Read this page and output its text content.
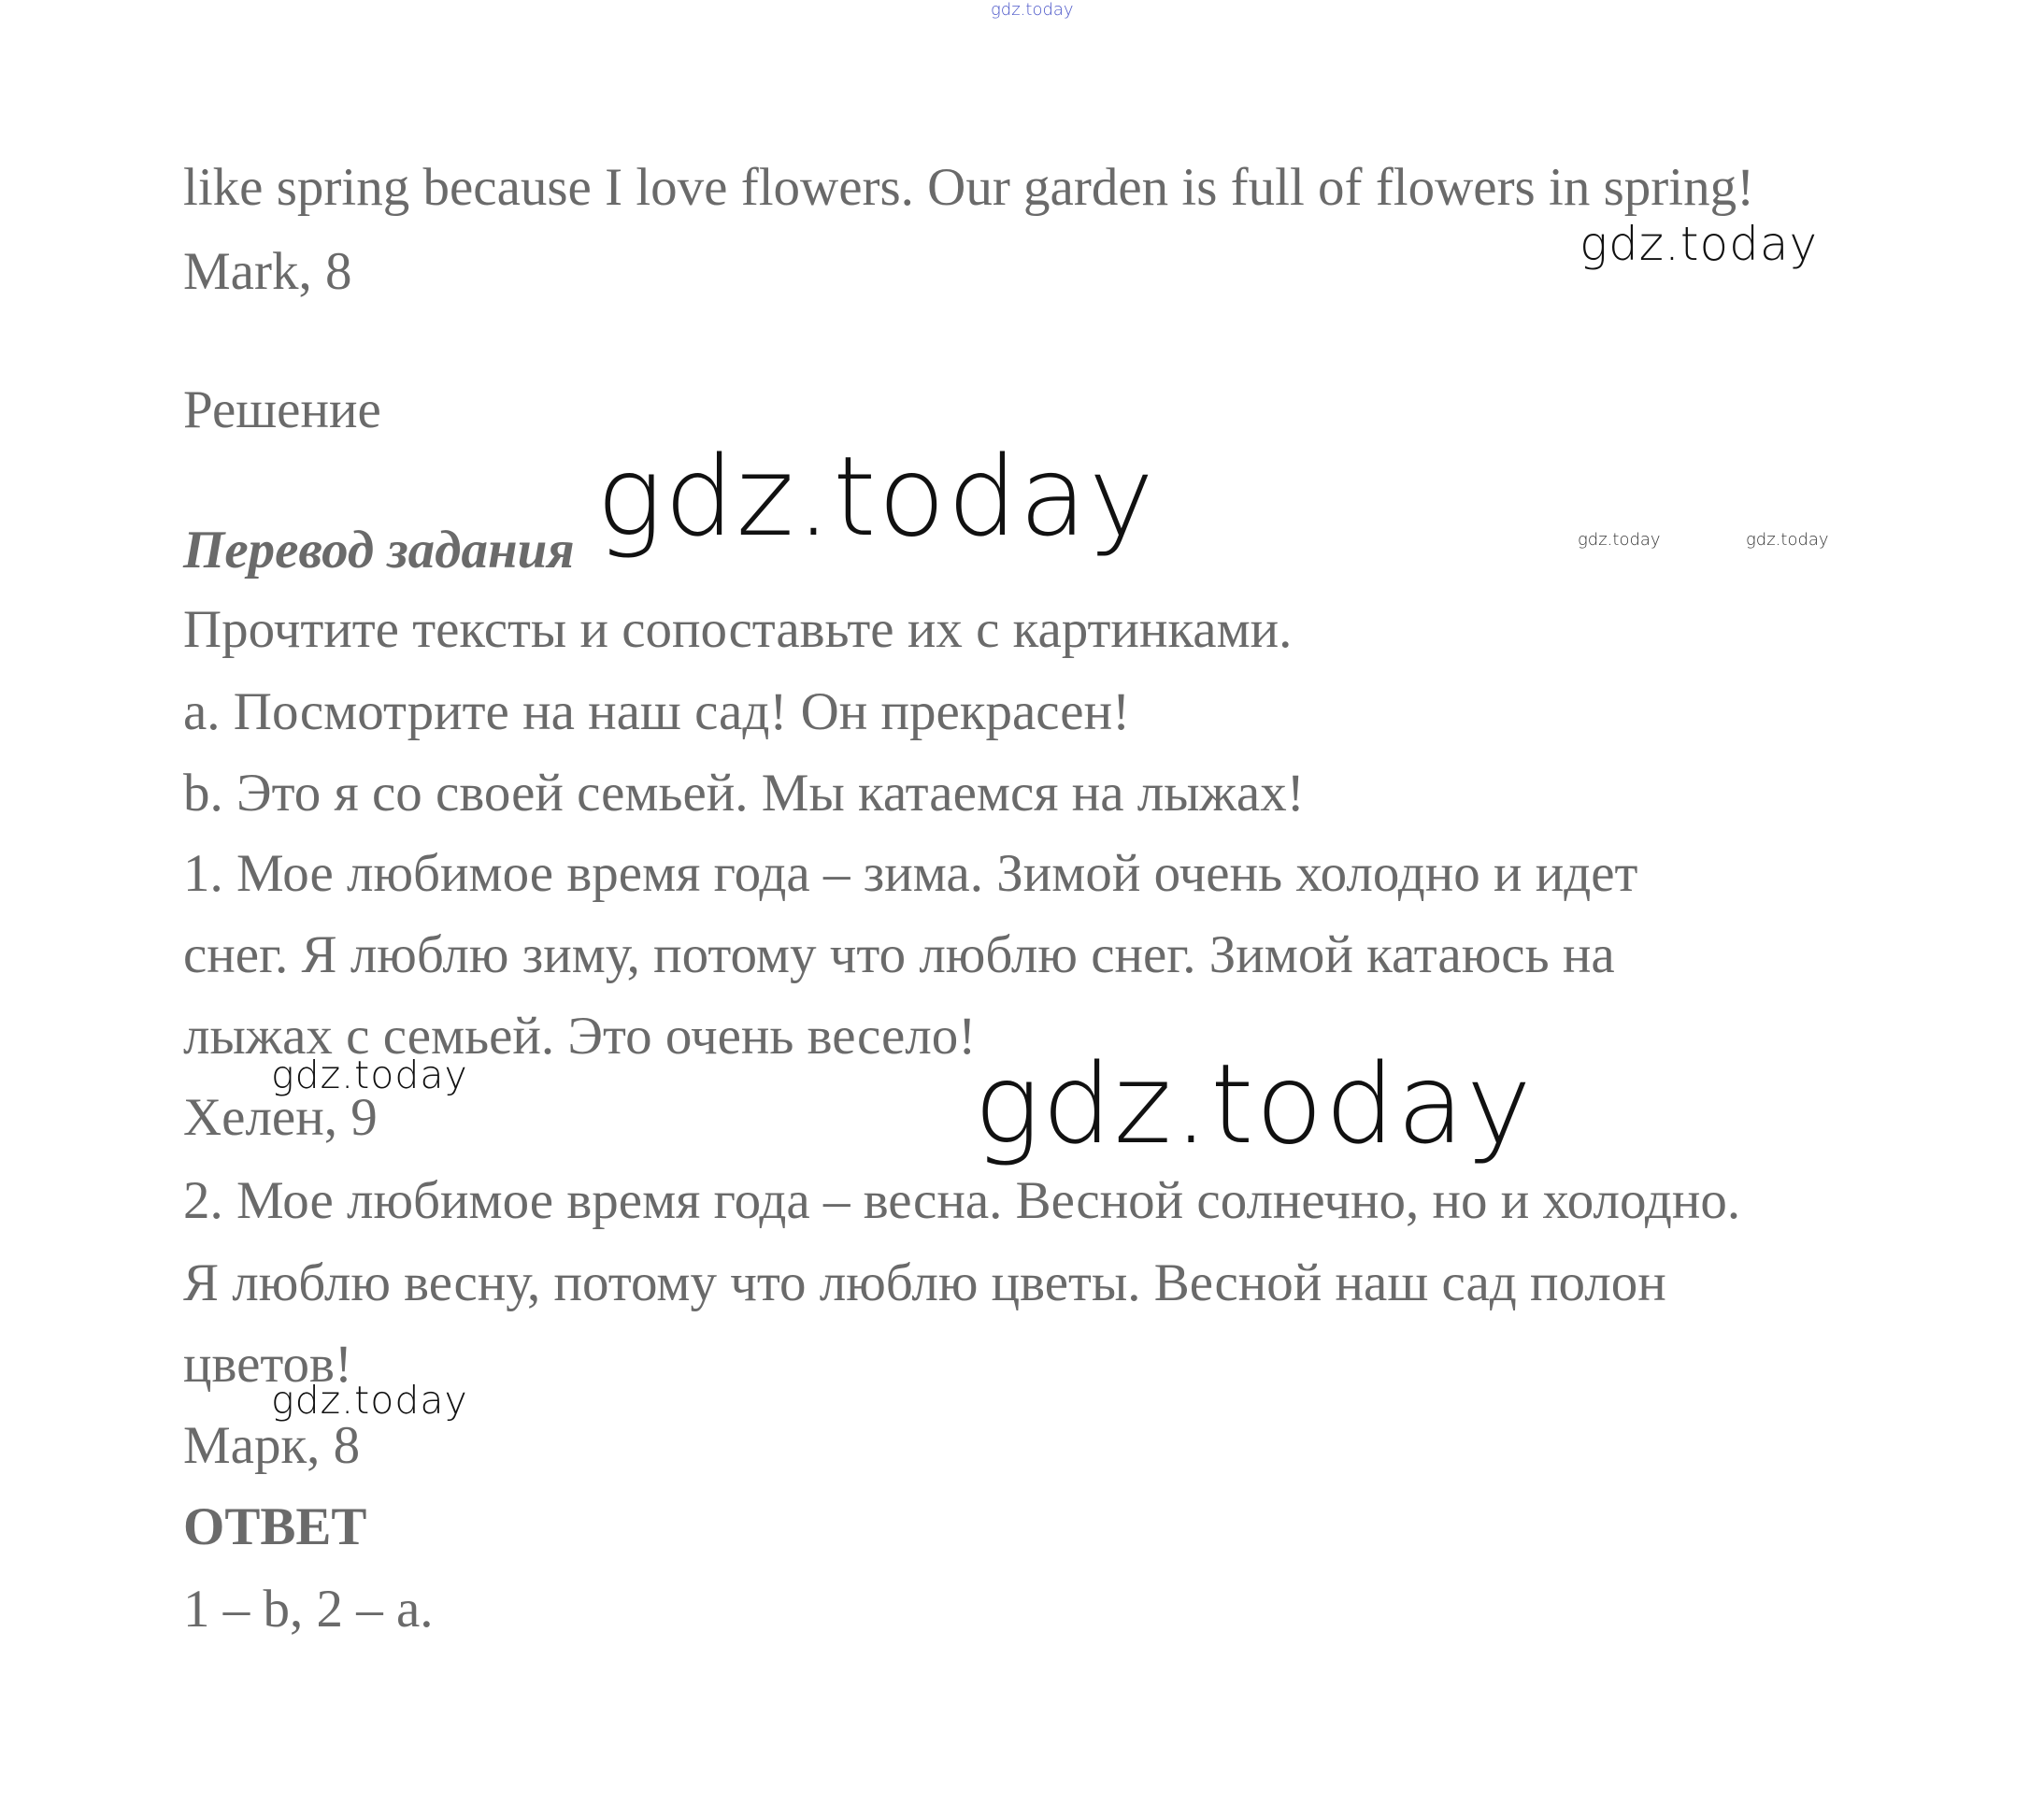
gdz.today
like spring because I love flowers. Our garden is full of flowers in spring!
gdz.today
Mark, 8
Решение
Перевод задания gdz.today	gdz.today	gdz.today
Прочтите тексты и сопоставьте их с картинками.
a. Посмотрите на наш сад! Он прекрасен!
b. Это я со своей семьей. Мы катаемся на лыжах!
1. Мое любимое время года – зима. Зимой очень холодно и идет
снег. Я люблю зиму, потому что люблю снег. Зимой катаюсь на
лыжах с семьей. Это очень весело!
gdz.today
Хелен, 9	gdz.today
2. Мое любимое время года – весна. Весной солнечно, но и холодно.
Я люблю весну, потому что люблю цветы. Весной наш сад полон
цветов!
gdz.today
Марк, 8
ОТВЕТ
1 – b, 2 – a.
